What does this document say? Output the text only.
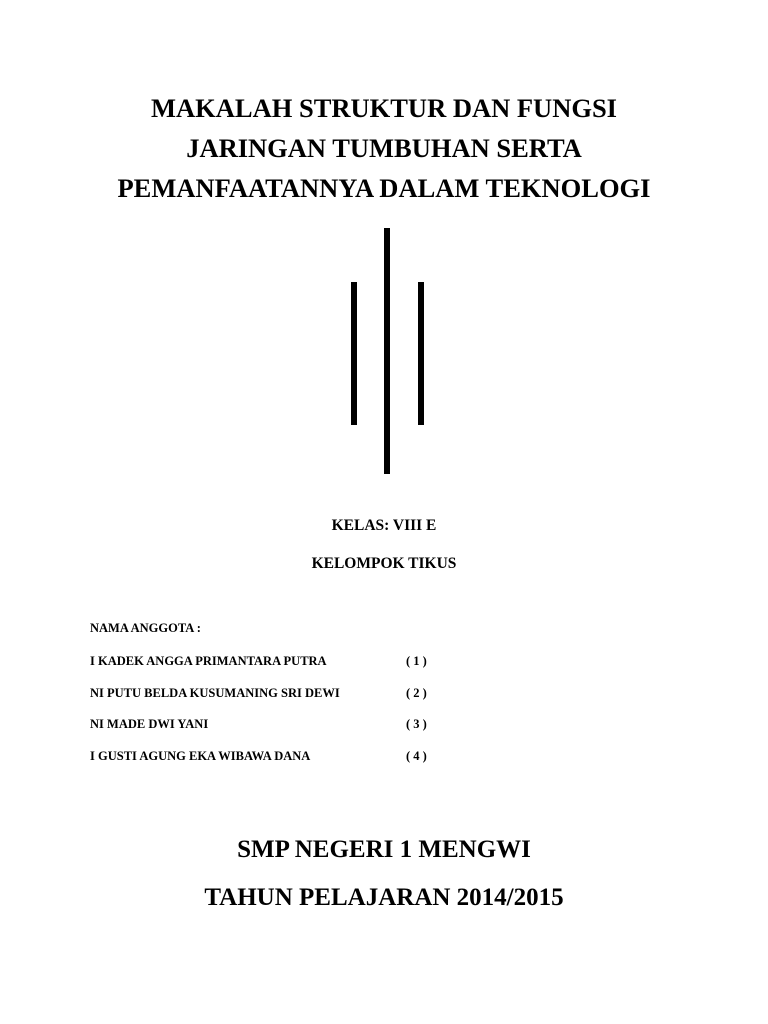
MAKALAH STRUKTUR DAN FUNGSI
JARINGAN TUMBUHAN SERTA
PEMANFAATANNYA DALAM TEKNOLOGI
KELAS: VIII E
KELOMPOK TIKUS
NAMA ANGGOTA :
I KADEK ANGGA PRIMANTARA PUTRA	( 1 )
NI PUTU BELDA KUSUMANING SRI DEWI	( 2 )
NI MADE DWI YANI	( 3 )
I GUSTI AGUNG EKA WIBAWA DANA	( 4 )
SMP NEGERI 1 MENGWI
TAHUN PELAJARAN 2014/2015
